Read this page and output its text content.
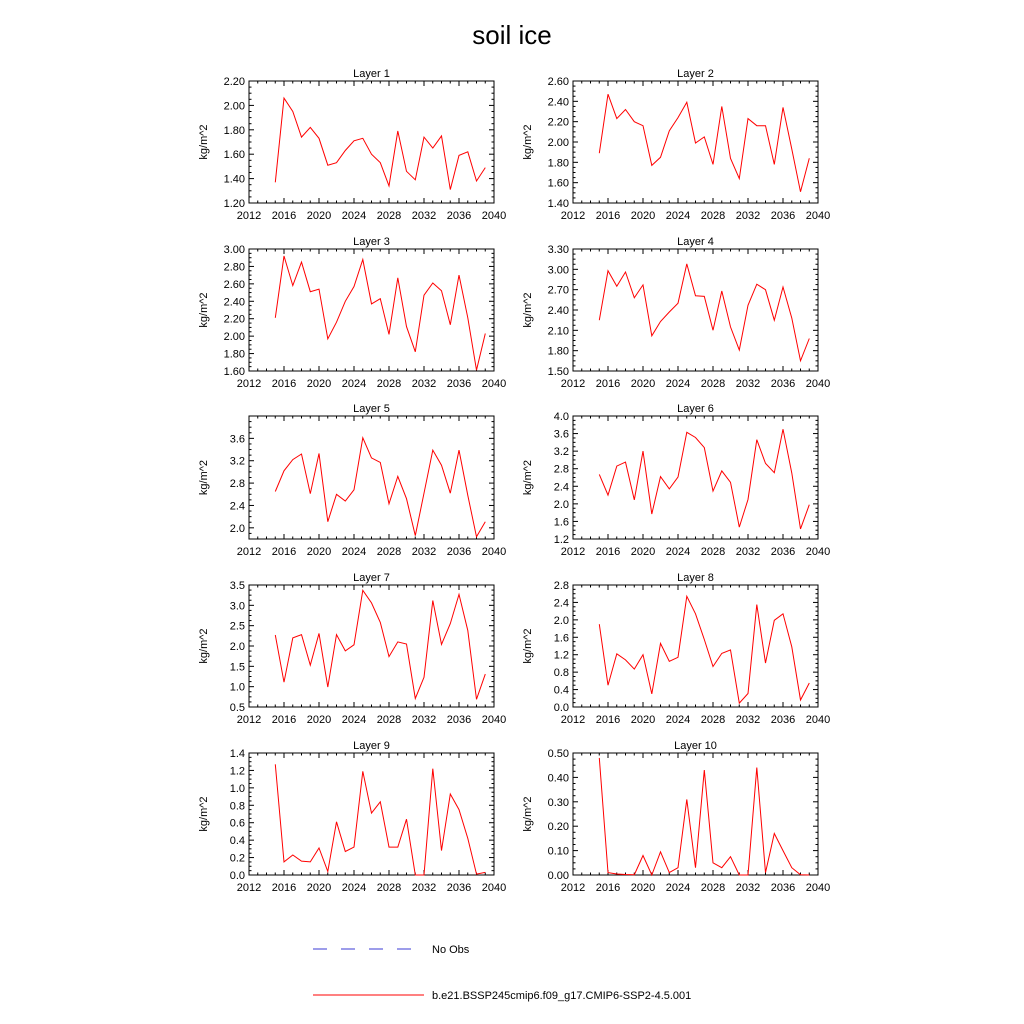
soil ice
Layer 1
2012 2016 2020 2024 2028 2032 2036 2040
1.20
1.40
1.60
1.80
2.00
2.20
kg/m^2
Layer 2
2012 2016 2020 2024 2028 2032 2036 2040
1.40
1.60
1.80
2.00
2.20
2.40
2.60
kg/m^2
Layer 3
2012 2016 2020 2024 2028 2032 2036 2040
1.60
1.80
2.00
2.20
2.40
2.60
2.80
3.00
kg/m^2
Layer 4
2012 2016 2020 2024 2028 2032 2036 2040
1.50
1.80
2.10
2.40
2.70
3.00
3.30
kg/m^2
Layer 5
2012 2016 2020 2024 2028 2032 2036 2040
2.0
2.4
2.8
3.2
3.6
kg/m^2
Layer 6
2012 2016 2020 2024 2028 2032 2036 2040
1.2
1.6
2.0
2.4
2.8
3.2
3.6
4.0
kg/m^2
Layer 7
2012 2016 2020 2024 2028 2032 2036 2040
0.5
1.0
1.5
2.0
2.5
3.0
3.5
kg/m^2
Layer 8
2012 2016 2020 2024 2028 2032 2036 2040
0.0
0.4
0.8
1.2
1.6
2.0
2.4
2.8
kg/m^2
Layer 9
2012 2016 2020 2024 2028 2032 2036 2040
0.0
0.2
0.4
0.6
0.8
1.0
1.2
1.4
kg/m^2
Layer 10
2012 2016 2020 2024 2028 2032 2036 2040
0.00
0.10
0.20
0.30
0.40
0.50
kg/m^2
No Obs
b.e21.BSSP245cmip6.f09_g17.CMIP6-SSP2-4.5.001
